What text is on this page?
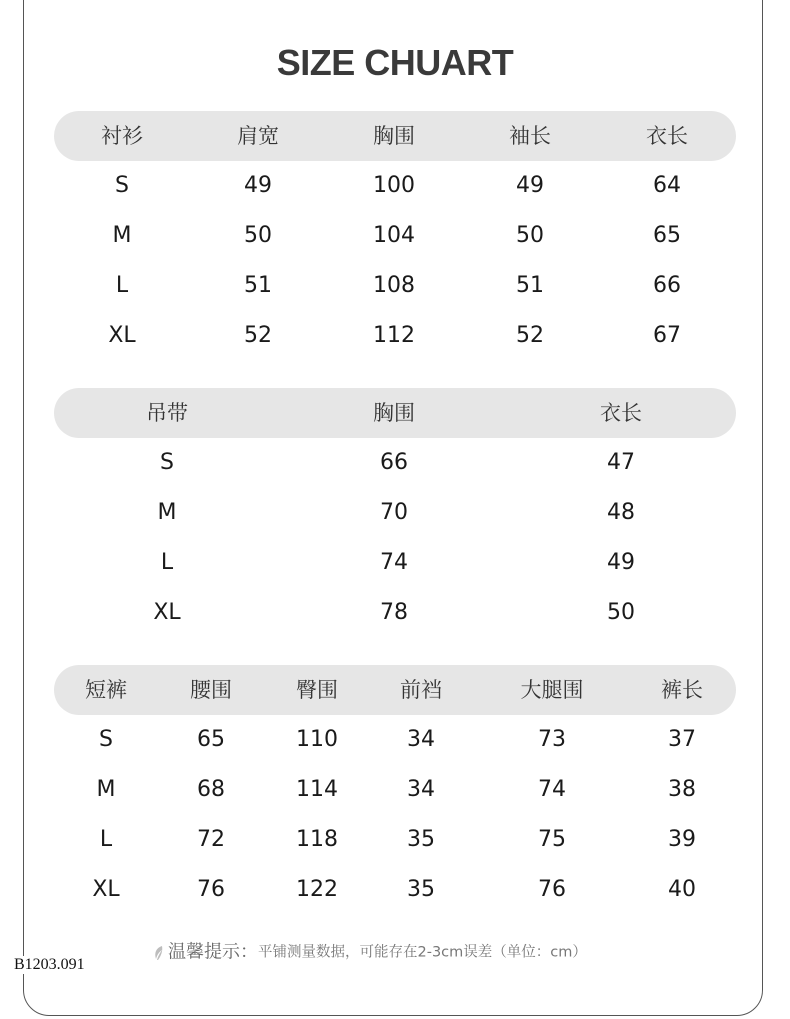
SIZE CHUART
衬衫	肩宽	胸围	袖长	衣长
S	49	100	49	64
M	50	104	50	65
L	51	108	51	66
XL	52	112	52	67
吊带	胸围	衣长
S	66	47
M	70	48
L	74	49
XL	78	50
短裤	腰围	臀围	前裆	大腿围	裤长
S	65	110	34	73	37
M	68	114	34	74	38
L	72	118	35	75	39
XL	76	122	35	76	40
温馨提示：平铺测量数据，可能存在2-3cm误差（单位：cm）
B1203.091
